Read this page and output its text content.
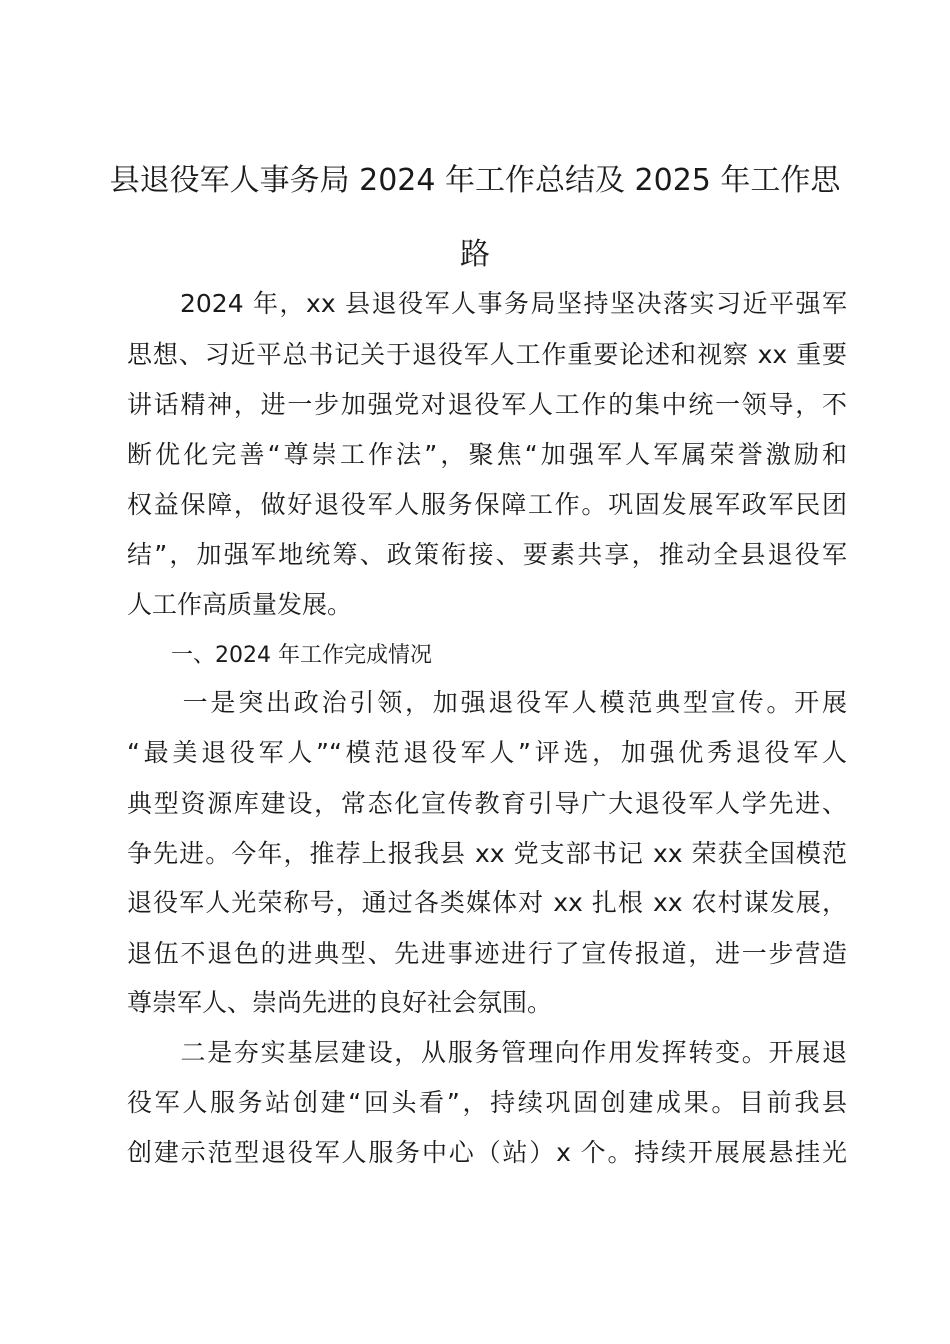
县退役军人事务局 2024 年工作总结及 2025 年工作思
路
　　2024 年，xx 县退役军人事务局坚持坚决落实习近平强军
思想、习近平总书记关于退役军人工作重要论述和视察 xx 重要
讲话精神，进一步加强党对退役军人工作的集中统一领导，不
断优化完善“尊崇工作法”，聚焦“加强军人军属荣誉激励和
权益保障，做好退役军人服务保障工作。巩固发展军政军民团
结”，加强军地统筹、政策衔接、要素共享，推动全县退役军
人工作高质量发展。
　　一、2024 年工作完成情况
　　一是突出政治引领，加强退役军人模范典型宣传。开展
“最美退役军人”“模范退役军人”评选，加强优秀退役军人
典型资源库建设，常态化宣传教育引导广大退役军人学先进、
争先进。今年，推荐上报我县 xx 党支部书记 xx 荣获全国模范
退役军人光荣称号，通过各类媒体对 xx 扎根 xx 农村谋发展，
退伍不退色的进典型、先进事迹进行了宣传报道，进一步营造
尊崇军人、崇尚先进的良好社会氛围。
　　二是夯实基层建设，从服务管理向作用发挥转变。开展退
役军人服务站创建“回头看”，持续巩固创建成果。目前我县
创建示范型退役军人服务中心（站）x 个。持续开展展悬挂光
